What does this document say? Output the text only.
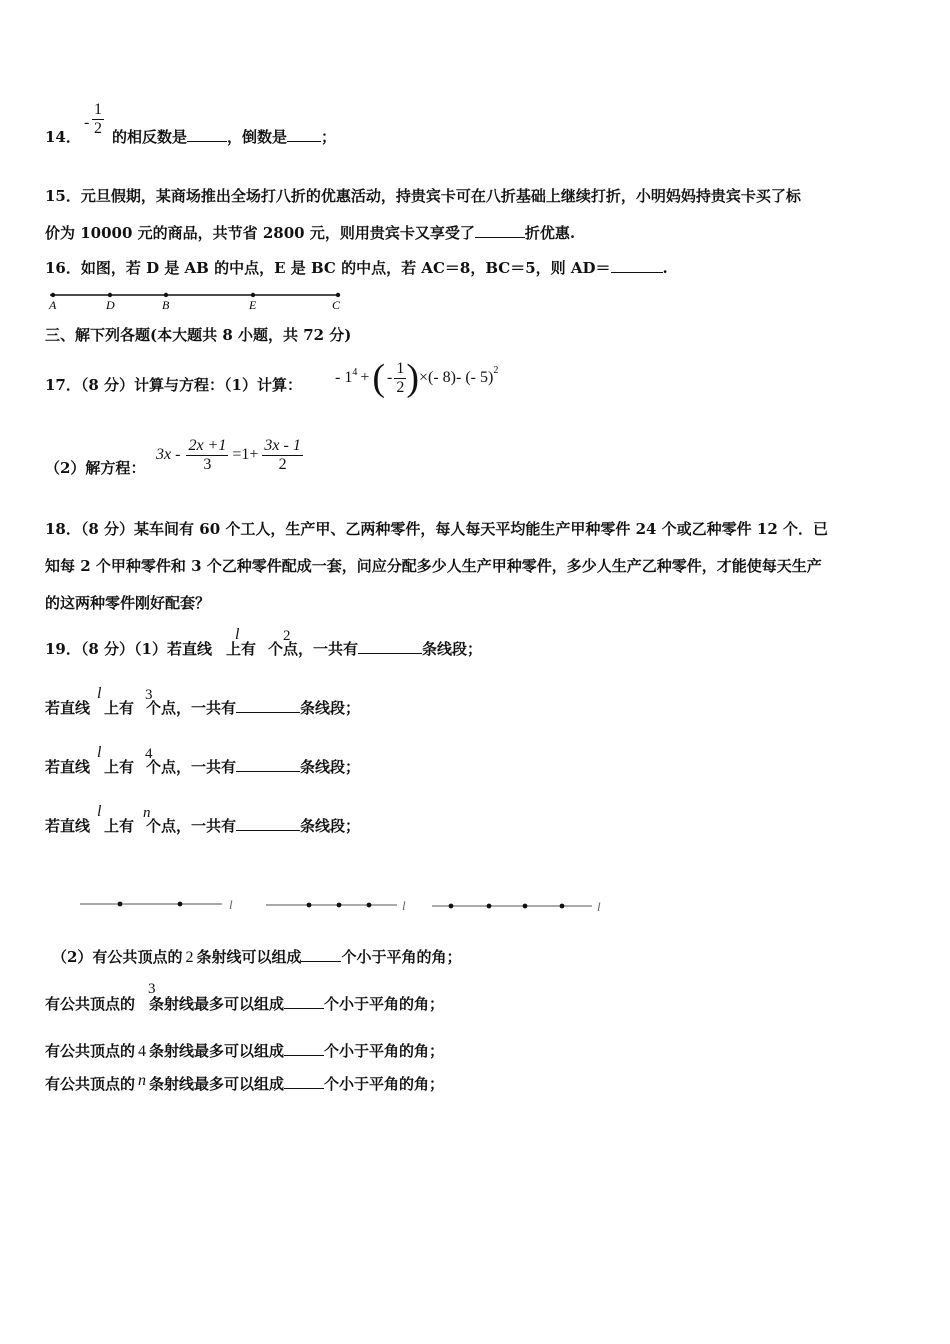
14．
- $\frac{1}{2}$ 的相反数是	，倒数是 ；
15．元旦假期，某商场推出全场打八折的优惠活动，持贵宾卡可在八折基础上继续打折，小明妈妈持贵宾卡买了标
价为 10000 元的商品，共节省 2800 元，则用贵宾卡又享受了	折优惠.
16．如图，若 D 是 AB 的中点，E 是 BC 的中点，若 AC＝8，BC＝5，则 AD＝	.
A	D	B	E	C
三、解下列各题(本大题共 8 小题，共 72 分)
17．（8 分）计算与方程：（1）计算： - $1^4$ + ( - $\frac{1}{2}$ ) ×(- 8)- (- 5)$^2$
（2）解方程：
$3x - \frac{2x +1}{3} =1+ \frac{3x - 1}{2}$
18．（8 分）某车间有 60 个工人，生产甲、乙两种零件，每人每天平均能生产甲种零件 24 个或乙种零件 12 个．已
知每 2 个甲种零件和 3 个乙种零件配成一套，问应分配多少人生产甲种零件，多少人生产乙种零件，才能使每天生产
的这两种零件刚好配套？
19．（8 分）（1）若直线 上有 个点，一共有	条线段；
l	2
若直线 上有 个点，一共有	条线段；
l	3
若直线 上有 个点，一共有	条线段；
l	4
若直线 上有 个点，一共有	条线段；
l	n
l	l	l
（2）有公共顶点的 2 条射线可以组成	个小于平角的角；
有公共顶点的 条射线最多可以组成	个小于平角的角；
3
有公共顶点的 4 条射线最多可以组成	个小于平角的角；
有公共顶点的 n 条射线最多可以组成	个小于平角的角；
